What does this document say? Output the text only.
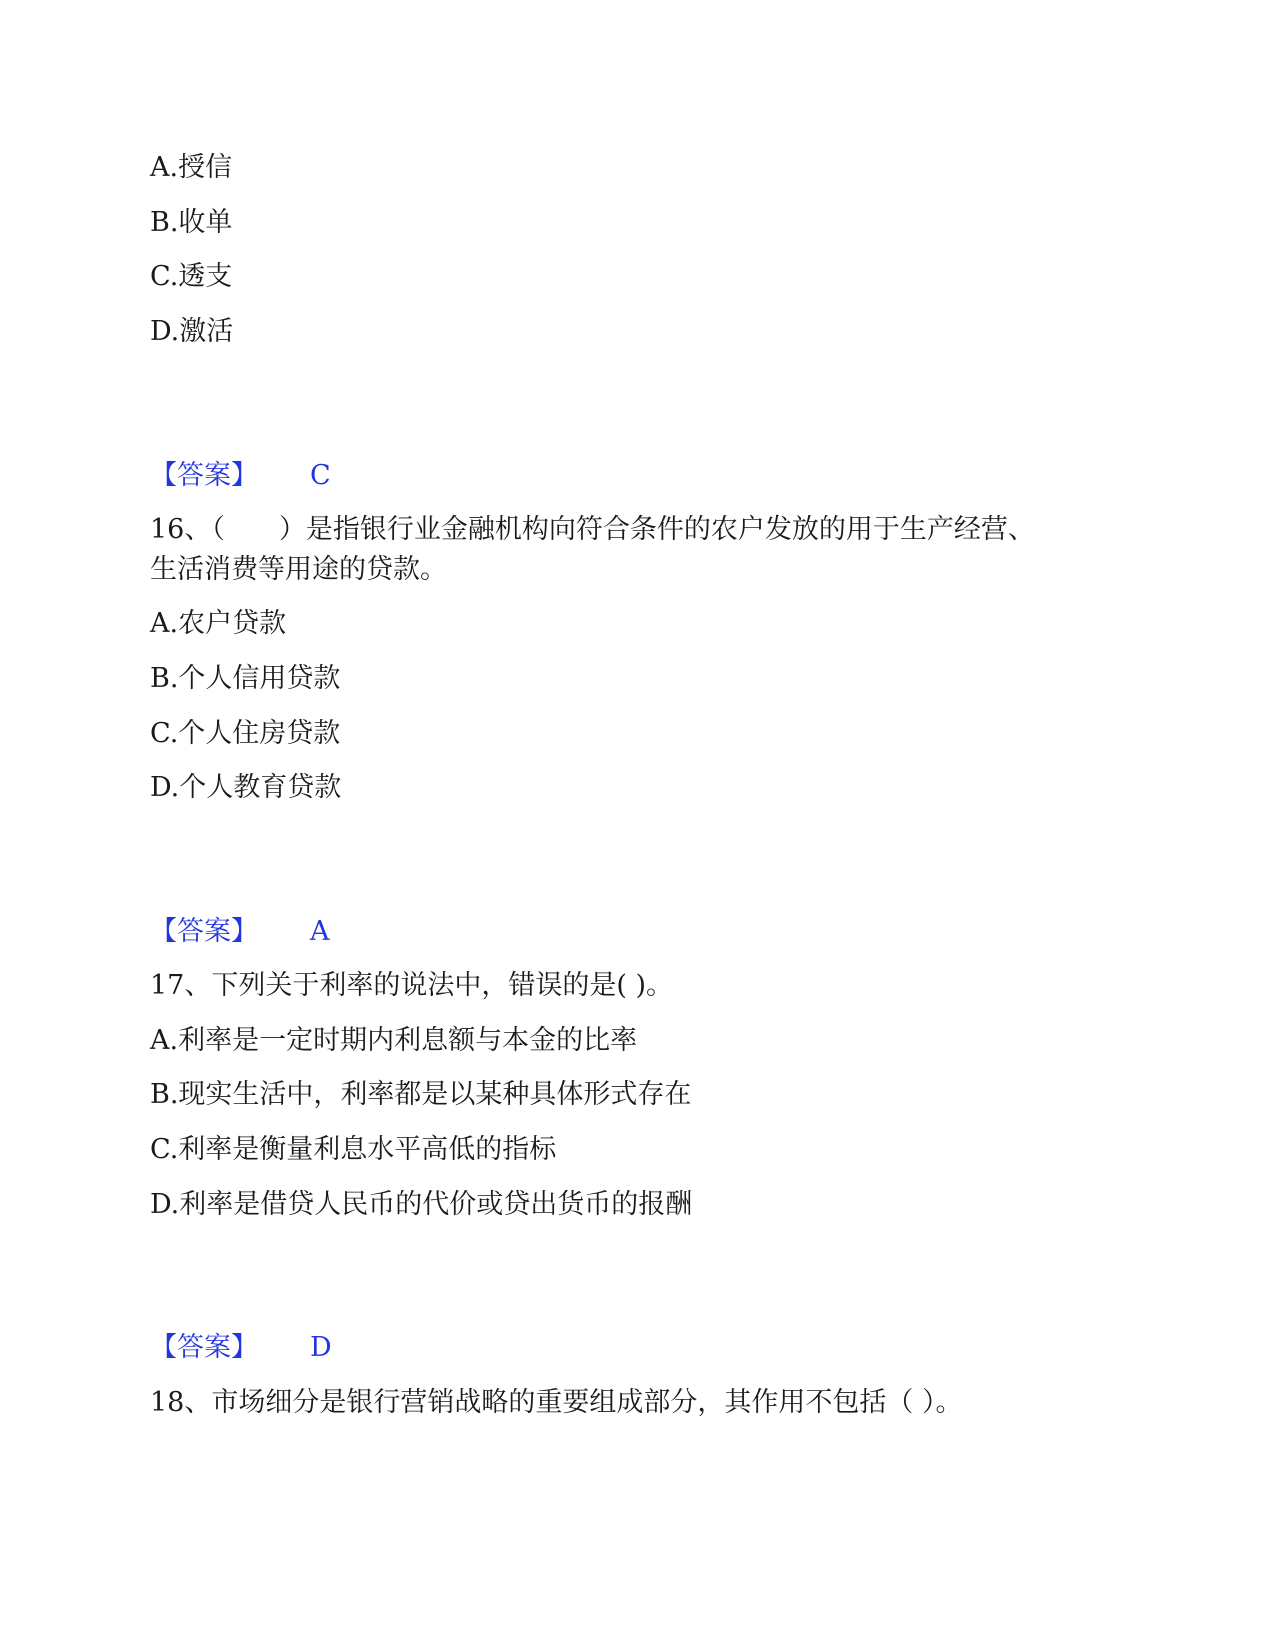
A.授信
B.收单
C.透支
D.激活
【答案】 C
16、（　　）是指银行业金融机构向符合条件的农户发放的用于生产经营、
生活消费等用途的贷款。
A.农户贷款
B.个人信用贷款
C.个人住房贷款
D.个人教育贷款
【答案】 A
17、下列关于利率的说法中，错误的是( )。
A.利率是一定时期内利息额与本金的比率
B.现实生活中，利率都是以某种具体形式存在
C.利率是衡量利息水平高低的指标
D.利率是借贷人民币的代价或贷出货币的报酬
【答案】 D
18、市场细分是银行营销战略的重要组成部分，其作用不包括（ ）。
